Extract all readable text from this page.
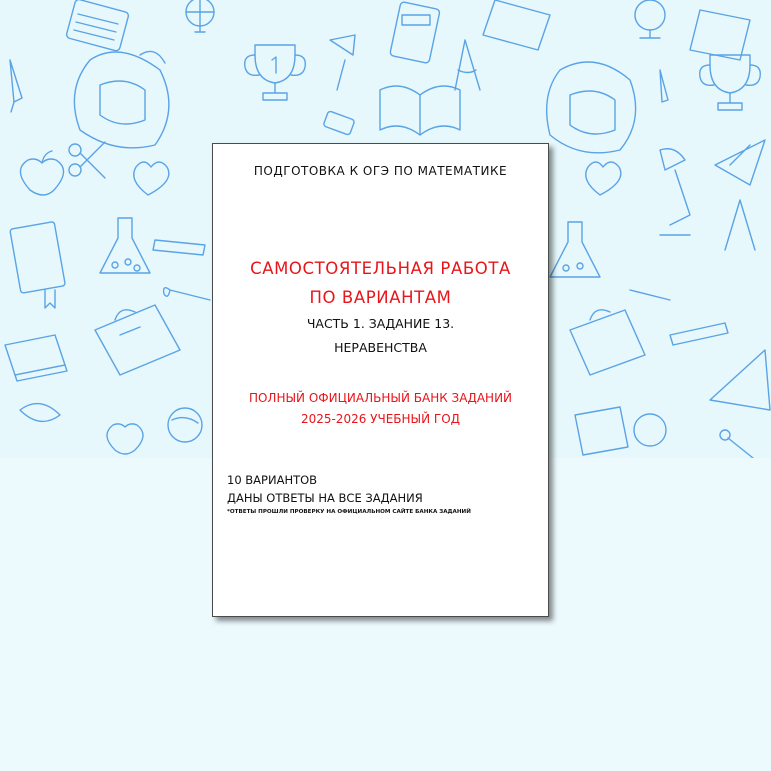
ПОДГОТОВКА К ОГЭ ПО МАТЕМАТИКЕ
САМОСТОЯТЕЛЬНАЯ РАБОТА
ПО ВАРИАНТАМ
ЧАСТЬ 1. ЗАДАНИЕ 13.
НЕРАВЕНСТВА
ПОЛНЫЙ ОФИЦИАЛЬНЫЙ БАНК ЗАДАНИЙ
2025-2026 УЧЕБНЫЙ ГОД
10 ВАРИАНТОВ
ДАНЫ ОТВЕТЫ НА ВСЕ ЗАДАНИЯ
*ОТВЕТЫ ПРОШЛИ ПРОВЕРКУ НА ОФИЦИАЛЬНОМ САЙТЕ БАНКА ЗАДАНИЙ
